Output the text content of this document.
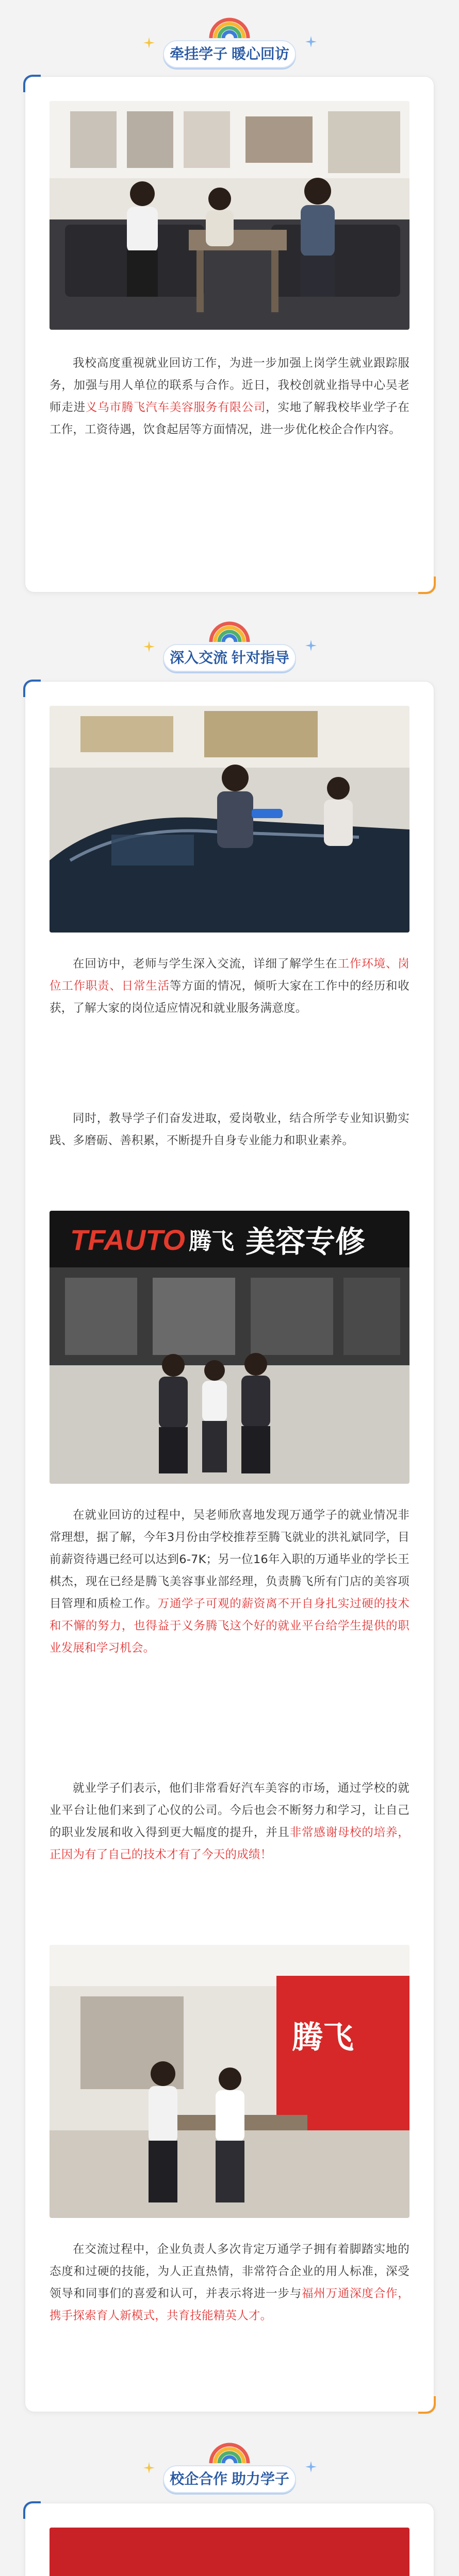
牵挂学子 暖心回访

我校高度重视就业回访工作，为进一步加强上岗学生就业跟踪服务，加强与用人单位的联系与合作。近日，我校创就业指导中心吴老师走进义乌市腾飞汽车美容服务有限公司，实地了解我校毕业学子在工作，工资待遇，饮食起居等方面情况，进一步优化校企合作内容。

深入交流 针对指导

在回访中，老师与学生深入交流，详细了解学生在工作环境、岗位工作职责、日常生活等方面的情况，倾听大家在工作中的经历和收获，了解大家的岗位适应情况和就业服务满意度。

同时，教导学子们奋发进取，爱岗敬业，结合所学专业知识勤实践、多磨砺、善积累，不断提升自身专业能力和职业素养。

TFAUTO 腾飞 美容专修

在就业回访的过程中，吴老师欣喜地发现万通学子的就业情况非常理想，据了解，今年3月份由学校推荐至腾飞就业的洪礼斌同学，目前薪资待遇已经可以达到6-7K；另一位16年入职的万通毕业的学长王棋杰，现在已经是腾飞美容事业部经理，负责腾飞所有门店的美容项目管理和质检工作。万通学子可观的薪资离不开自身扎实过硬的技术和不懈的努力，也得益于义务腾飞这个好的就业平台给学生提供的职业发展和学习机会。

就业学子们表示，他们非常看好汽车美容的市场，通过学校的就业平台让他们来到了心仪的公司。今后也会不断努力和学习，让自己的职业发展和收入得到更大幅度的提升，并且非常感谢母校的培养，正因为有了自己的技术才有了今天的成绩！

腾飞

在交流过程中，企业负责人多次肯定万通学子拥有着脚踏实地的态度和过硬的技能，为人正直热情，非常符合企业的用人标准，深受领导和同事们的喜爱和认可，并表示将进一步与福州万通深度合作，携手探索育人新模式，共育技能精英人才。

校企合作 助力学子
